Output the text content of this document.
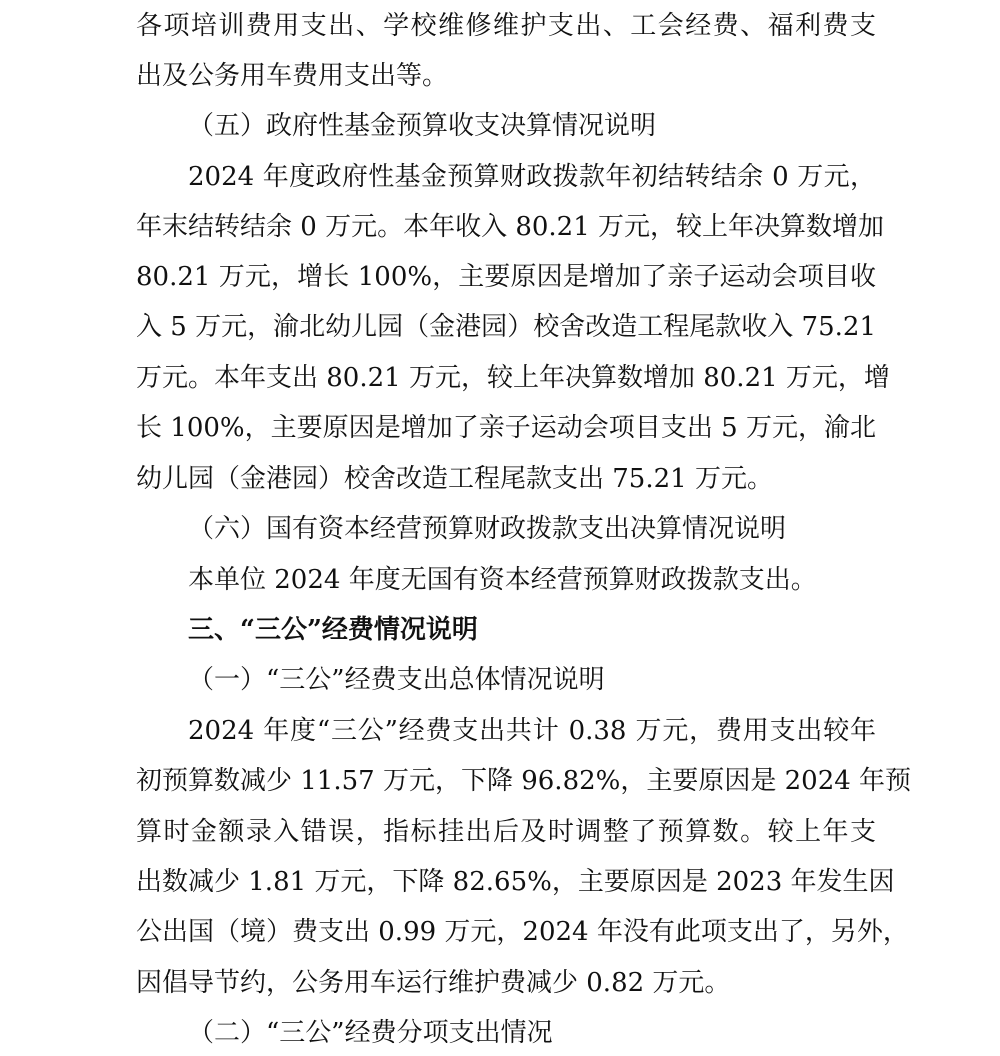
各项培训费用支出、学校维修维护支出、工会经费、福利费支
出及公务用车费用支出等。
（五）政府性基金预算收支决算情况说明
2024 年度政府性基金预算财政拨款年初结转结余 0 万元，
年末结转结余 0 万元。本年收入 80.21 万元，较上年决算数增加
80.21 万元，增长 100%，主要原因是增加了亲子运动会项目收
入 5 万元，渝北幼儿园（金港园）校舍改造工程尾款收入 75.21
万元。本年支出 80.21 万元，较上年决算数增加 80.21 万元，增
长 100%，主要原因是增加了亲子运动会项目支出 5 万元，渝北
幼儿园（金港园）校舍改造工程尾款支出 75.21 万元。
（六）国有资本经营预算财政拨款支出决算情况说明
本单位 2024 年度无国有资本经营预算财政拨款支出。
三、“三公”经费情况说明
（一）“三公”经费支出总体情况说明
2024 年度“三公”经费支出共计 0.38 万元，费用支出较年
初预算数减少 11.57 万元，下降 96.82%，主要原因是 2024 年预
算时金额录入错误，指标挂出后及时调整了预算数。较上年支
出数减少 1.81 万元，下降 82.65%，主要原因是 2023 年发生因
公出国（境）费支出 0.99 万元，2024 年没有此项支出了，另外，
因倡导节约，公务用车运行维护费减少 0.82 万元。
（二）“三公”经费分项支出情况
